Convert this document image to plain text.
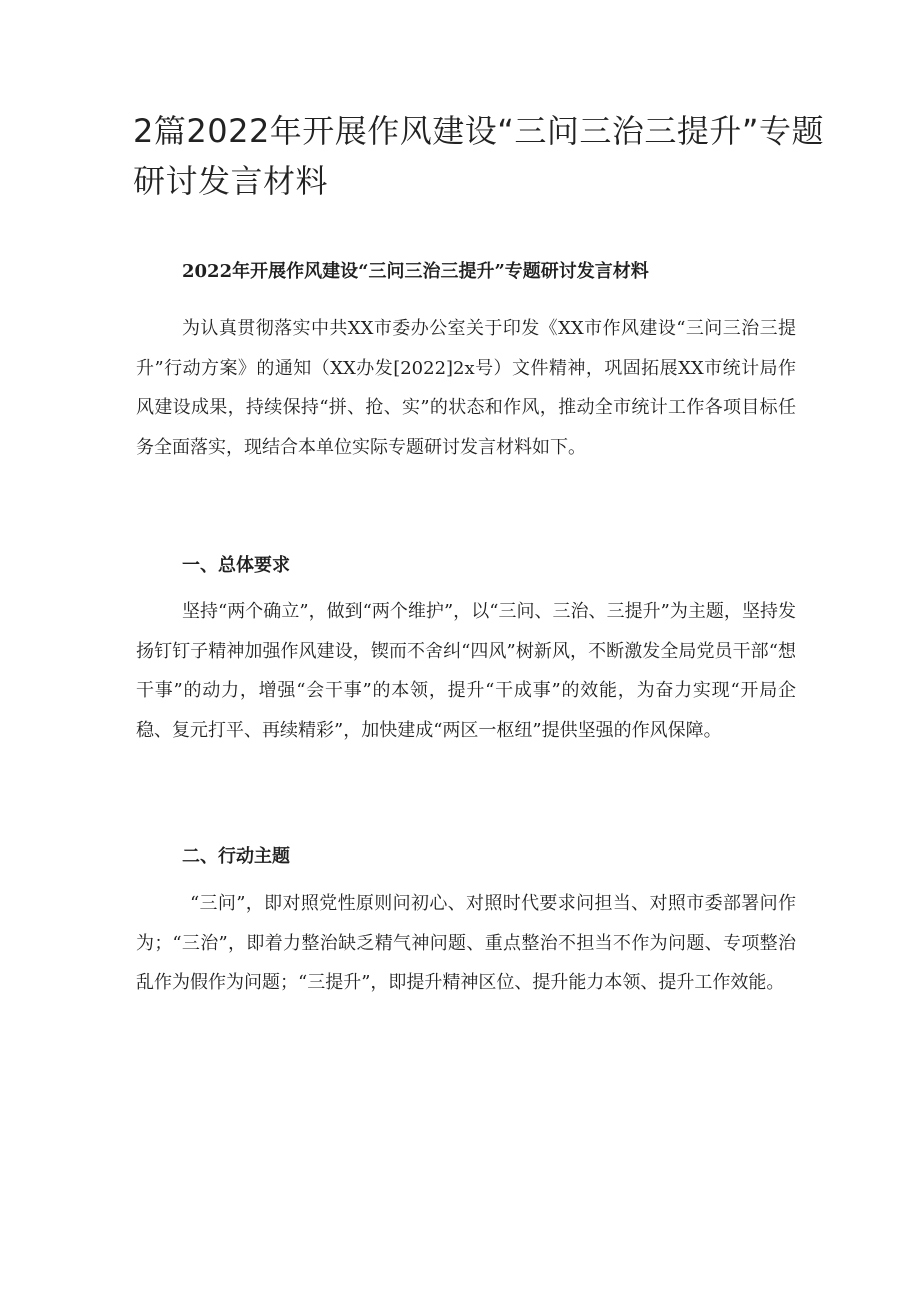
2篇2022年开展作风建设“三问三治三提升”专题研讨发言材料

2022年开展作风建设“三问三治三提升”专题研讨发言材料

为认真贯彻落实中共XX市委办公室关于印发《XX市作风建设“三问三治三提升”行动方案》的通知（XX办发[2022]2x号）文件精神，巩固拓展XX市统计局作风建设成果，持续保持“拼、抢、实”的状态和作风，推动全市统计工作各项目标任务全面落实，现结合本单位实际专题研讨发言材料如下。

一、总体要求

坚持“两个确立”，做到“两个维护”，以“三问、三治、三提升”为主题，坚持发扬钉钉子精神加强作风建设，锲而不舍纠“四风”树新风，不断激发全局党员干部“想干事”的动力，增强“会干事”的本领，提升“干成事”的效能，为奋力实现“开局企稳、复元打平、再续精彩”，加快建成“两区一枢纽”提供坚强的作风保障。

二、行动主题

“三问”，即对照党性原则问初心、对照时代要求问担当、对照市委部署问作为；“三治”，即着力整治缺乏精气神问题、重点整治不担当不作为问题、专项整治乱作为假作为问题；“三提升”，即提升精神区位、提升能力本领、提升工作效能。
